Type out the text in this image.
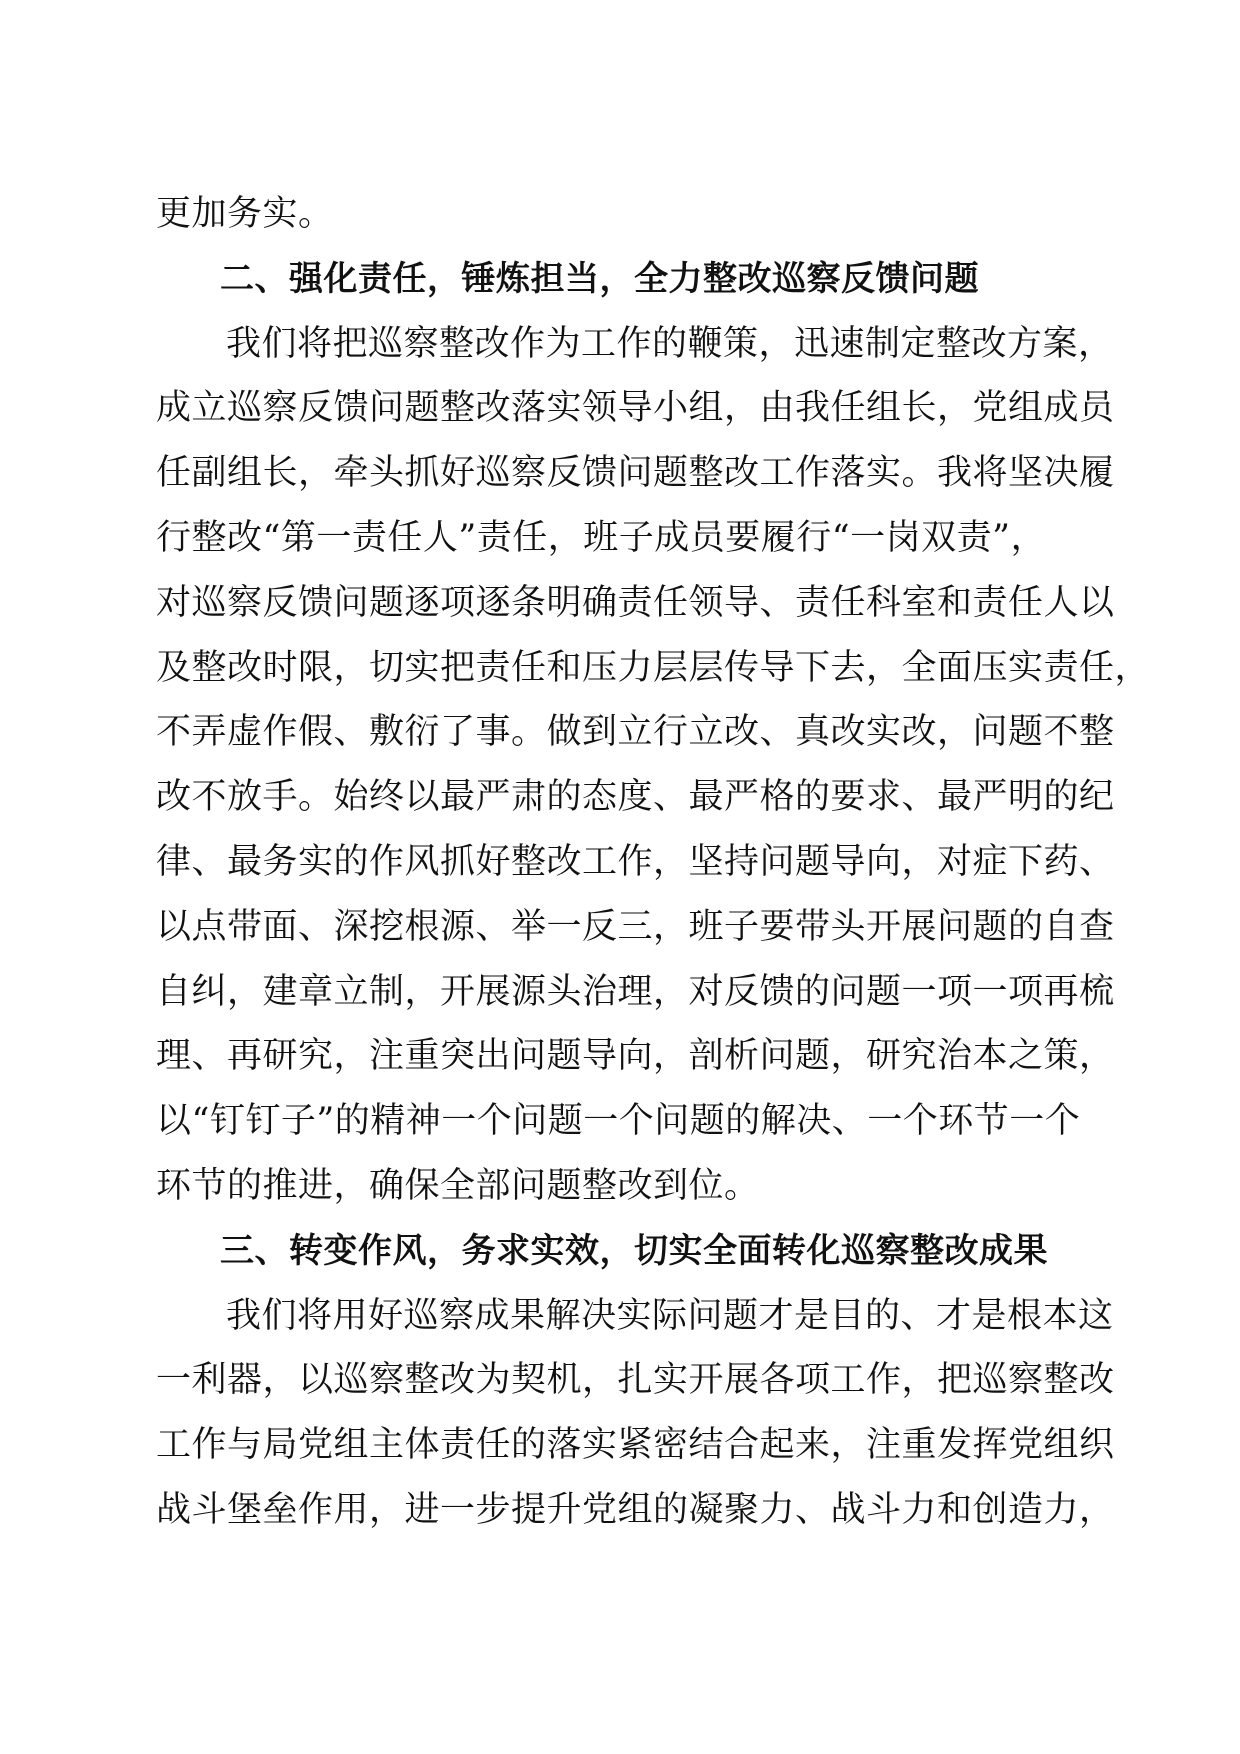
更加务实。
二、强化责任，锤炼担当，全力整改巡察反馈问题
我们将把巡察整改作为工作的鞭策，迅速制定整改方案，
成立巡察反馈问题整改落实领导小组，由我任组长，党组成员
任副组长，牵头抓好巡察反馈问题整改工作落实。我将坚决履
行整改“第一责任人”责任，班子成员要履行“一岗双责”，
对巡察反馈问题逐项逐条明确责任领导、责任科室和责任人以
及整改时限，切实把责任和压力层层传导下去，全面压实责任，
不弄虚作假、敷衍了事。做到立行立改、真改实改，问题不整
改不放手。始终以最严肃的态度、最严格的要求、最严明的纪
律、最务实的作风抓好整改工作，坚持问题导向，对症下药、
以点带面、深挖根源、举一反三，班子要带头开展问题的自查
自纠，建章立制，开展源头治理，对反馈的问题一项一项再梳
理、再研究，注重突出问题导向，剖析问题，研究治本之策，
以“钉钉子”的精神一个问题一个问题的解决、一个环节一个
环节的推进，确保全部问题整改到位。
三、转变作风，务求实效，切实全面转化巡察整改成果
我们将用好巡察成果解决实际问题才是目的、才是根本这
一利器，以巡察整改为契机，扎实开展各项工作，把巡察整改
工作与局党组主体责任的落实紧密结合起来，注重发挥党组织
战斗堡垒作用，进一步提升党组的凝聚力、战斗力和创造力，
